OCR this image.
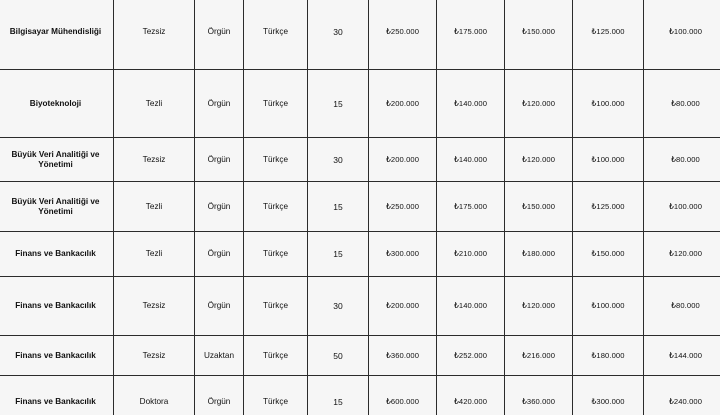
Bilgisayar Mühendisliği	Tezsiz	Örgün	Türkçe	30	₺250.000	₺175.000	₺150.000	₺125.000	₺100.000
Biyoteknoloji	Tezli	Örgün	Türkçe	15	₺200.000	₺140.000	₺120.000	₺100.000	₺80.000
Büyük Veri Analitiği ve Yönetimi	Tezsiz	Örgün	Türkçe	30	₺200.000	₺140.000	₺120.000	₺100.000	₺80.000
Büyük Veri Analitiği ve Yönetimi	Tezli	Örgün	Türkçe	15	₺250.000	₺175.000	₺150.000	₺125.000	₺100.000
Finans ve Bankacılık	Tezli	Örgün	Türkçe	15	₺300.000	₺210.000	₺180.000	₺150.000	₺120.000
Finans ve Bankacılık	Tezsiz	Örgün	Türkçe	30	₺200.000	₺140.000	₺120.000	₺100.000	₺80.000
Finans ve Bankacılık	Tezsiz	Uzaktan	Türkçe	50	₺360.000	₺252.000	₺216.000	₺180.000	₺144.000
Finans ve Bankacılık	Doktora	Örgün	Türkçe	15	₺600.000	₺420.000	₺360.000	₺300.000	₺240.000
